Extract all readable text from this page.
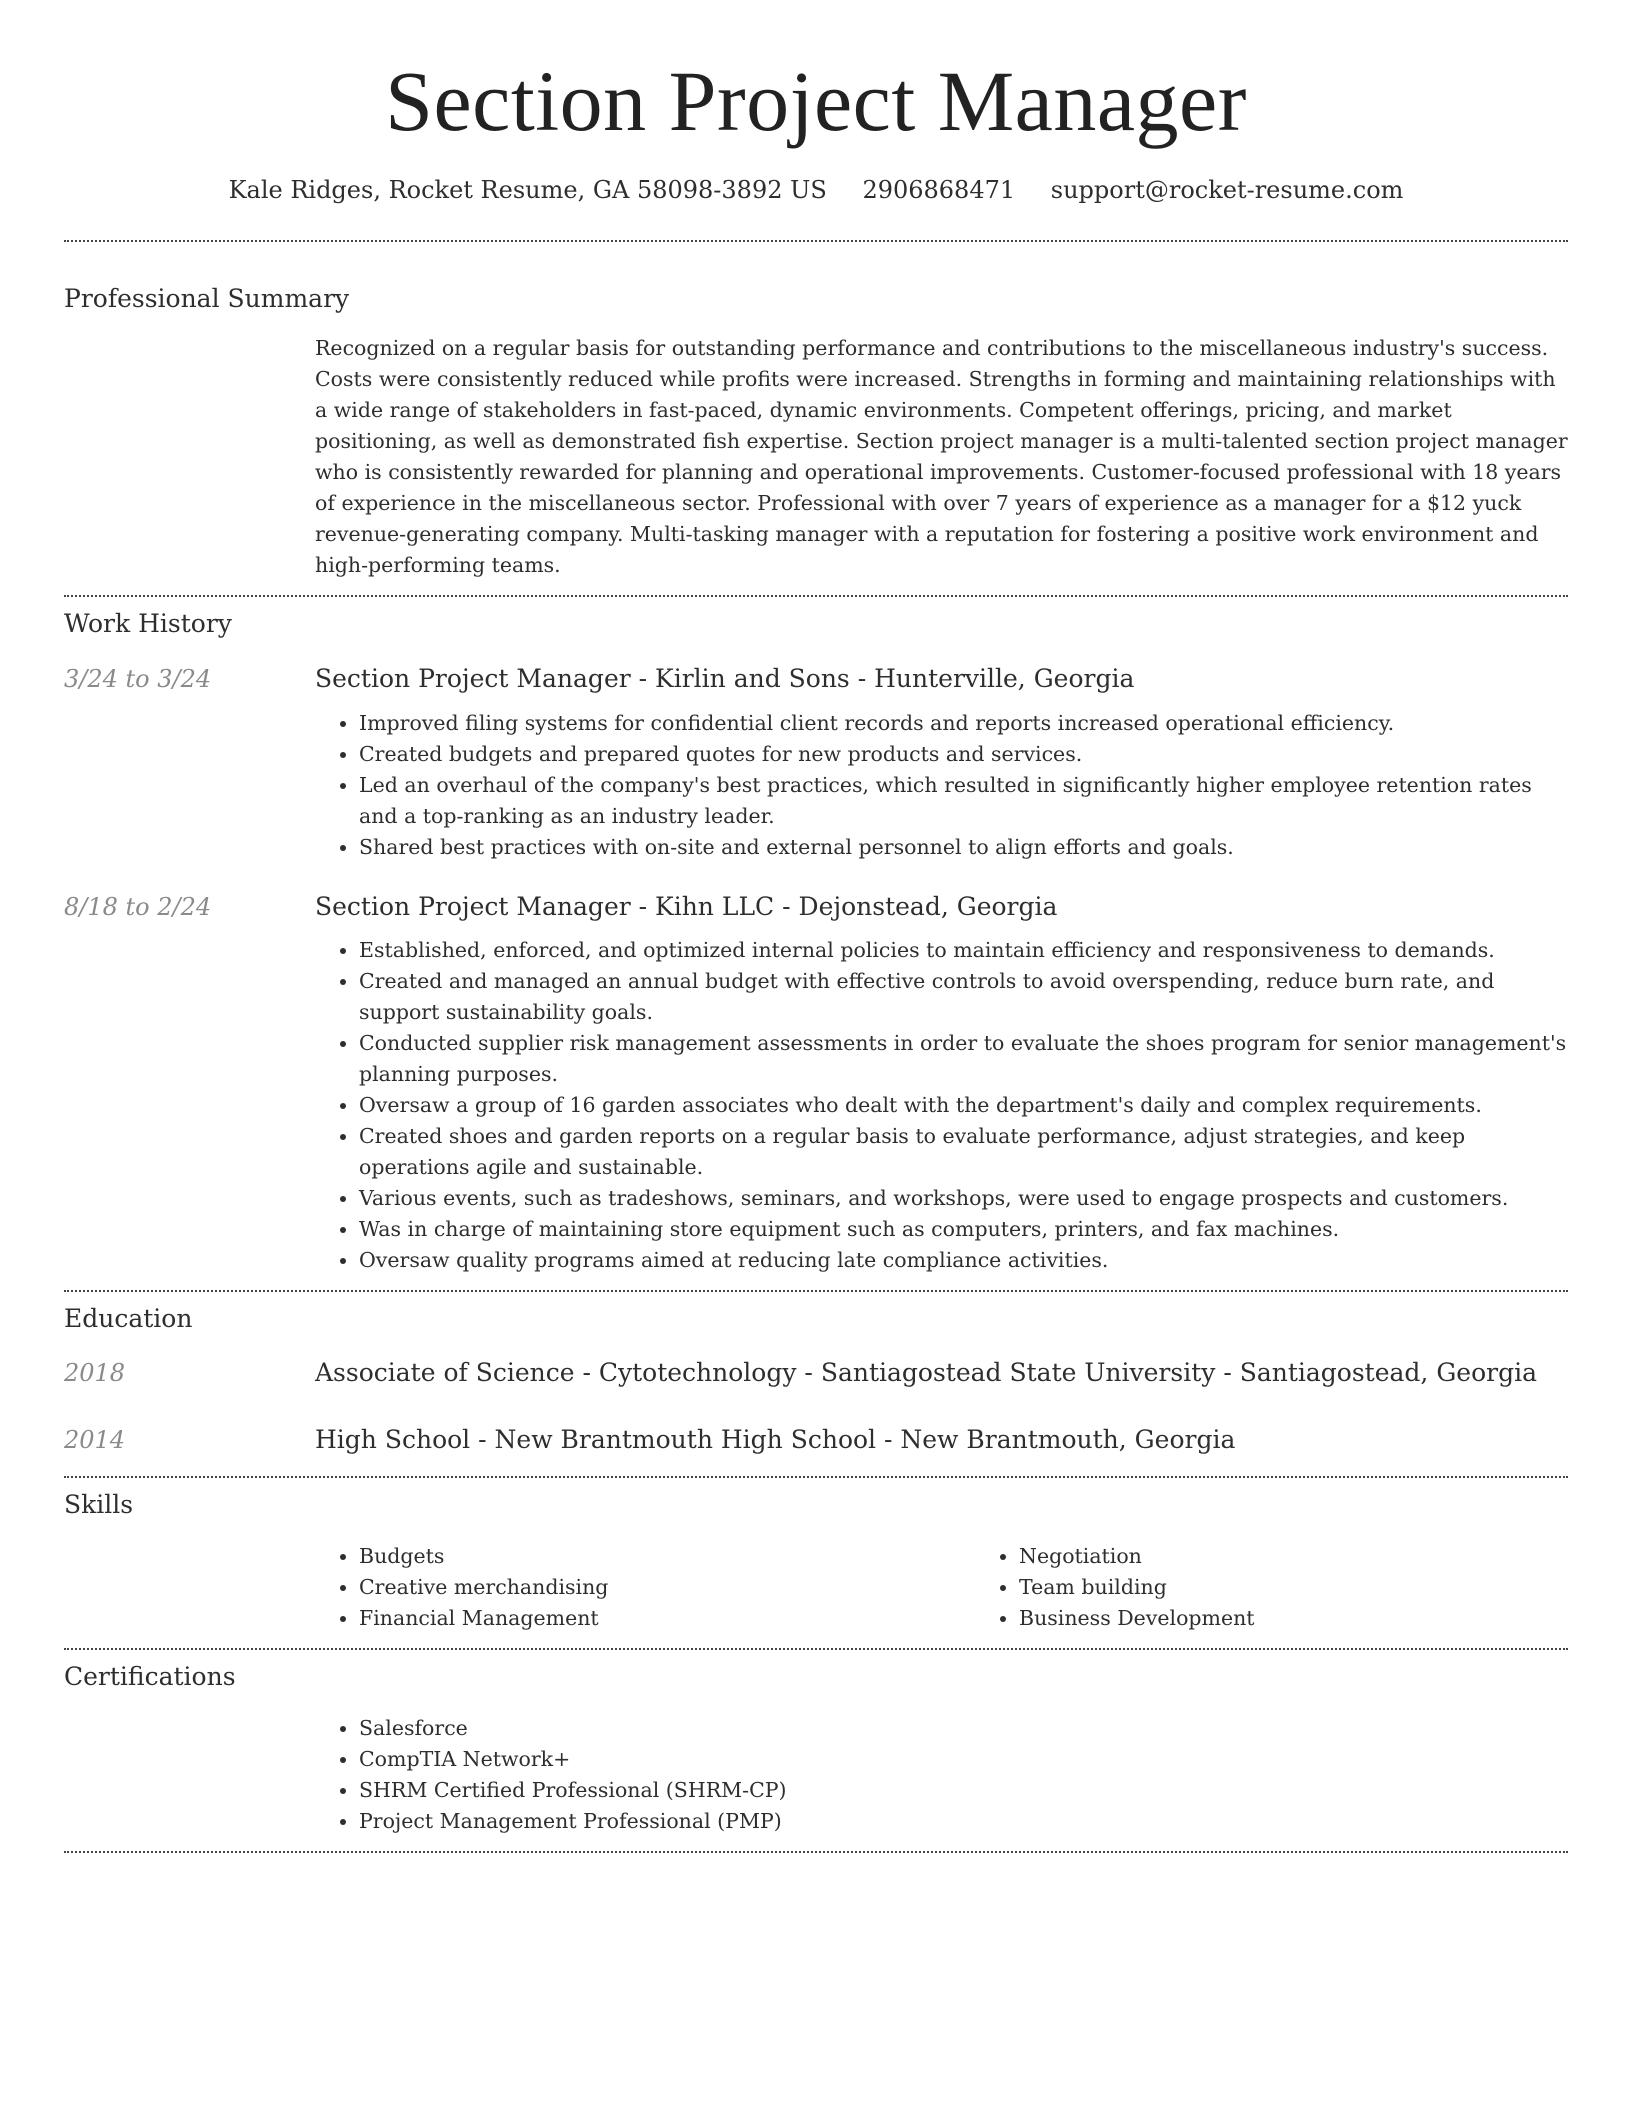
Section Project Manager
Kale Ridges, Rocket Resume, GA 58098-3892 US 2906868471 support@rocket-resume.com
Professional Summary

Recognized on a regular basis for outstanding performance and contributions to the miscellaneous industry's success. Costs were consistently reduced while profits were increased. Strengths in forming and maintaining relationships with a wide range of stakeholders in fast-paced, dynamic environments. Competent offerings, pricing, and market positioning, as well as demonstrated fish expertise. Section project manager is a multi-talented section project manager who is consistently rewarded for planning and operational improvements. Customer-focused professional with 18 years of experience in the miscellaneous sector. Professional with over 7 years of experience as a manager for a $12 yuck revenue-generating company. Multi-tasking manager with a reputation for fostering a positive work environment and high-performing teams.

Work History
3/24 to 3/24	Section Project Manager - Kirlin and Sons - Hunterville, Georgia
• Improved filing systems for confidential client records and reports increased operational efficiency.
• Created budgets and prepared quotes for new products and services.
• Led an overhaul of the company's best practices, which resulted in significantly higher employee retention rates and a top-ranking as an industry leader.
• Shared best practices with on-site and external personnel to align efforts and goals.
8/18 to 2/24	Section Project Manager - Kihn LLC - Dejonstead, Georgia
• Established, enforced, and optimized internal policies to maintain efficiency and responsiveness to demands.
• Created and managed an annual budget with effective controls to avoid overspending, reduce burn rate, and support sustainability goals.
• Conducted supplier risk management assessments in order to evaluate the shoes program for senior management's planning purposes.
• Oversaw a group of 16 garden associates who dealt with the department's daily and complex requirements.
• Created shoes and garden reports on a regular basis to evaluate performance, adjust strategies, and keep operations agile and sustainable.
• Various events, such as tradeshows, seminars, and workshops, were used to engage prospects and customers.
• Was in charge of maintaining store equipment such as computers, printers, and fax machines.
• Oversaw quality programs aimed at reducing late compliance activities.
Education
2018	Associate of Science - Cytotechnology - Santiagostead State University - Santiagostead, Georgia
2014	High School - New Brantmouth High School - New Brantmouth, Georgia
Skills
• Budgets
• Creative merchandising
• Financial Management
• Negotiation
• Team building
• Business Development
Certifications
• Salesforce
• CompTIA Network+
• SHRM Certified Professional (SHRM-CP)
• Project Management Professional (PMP)
